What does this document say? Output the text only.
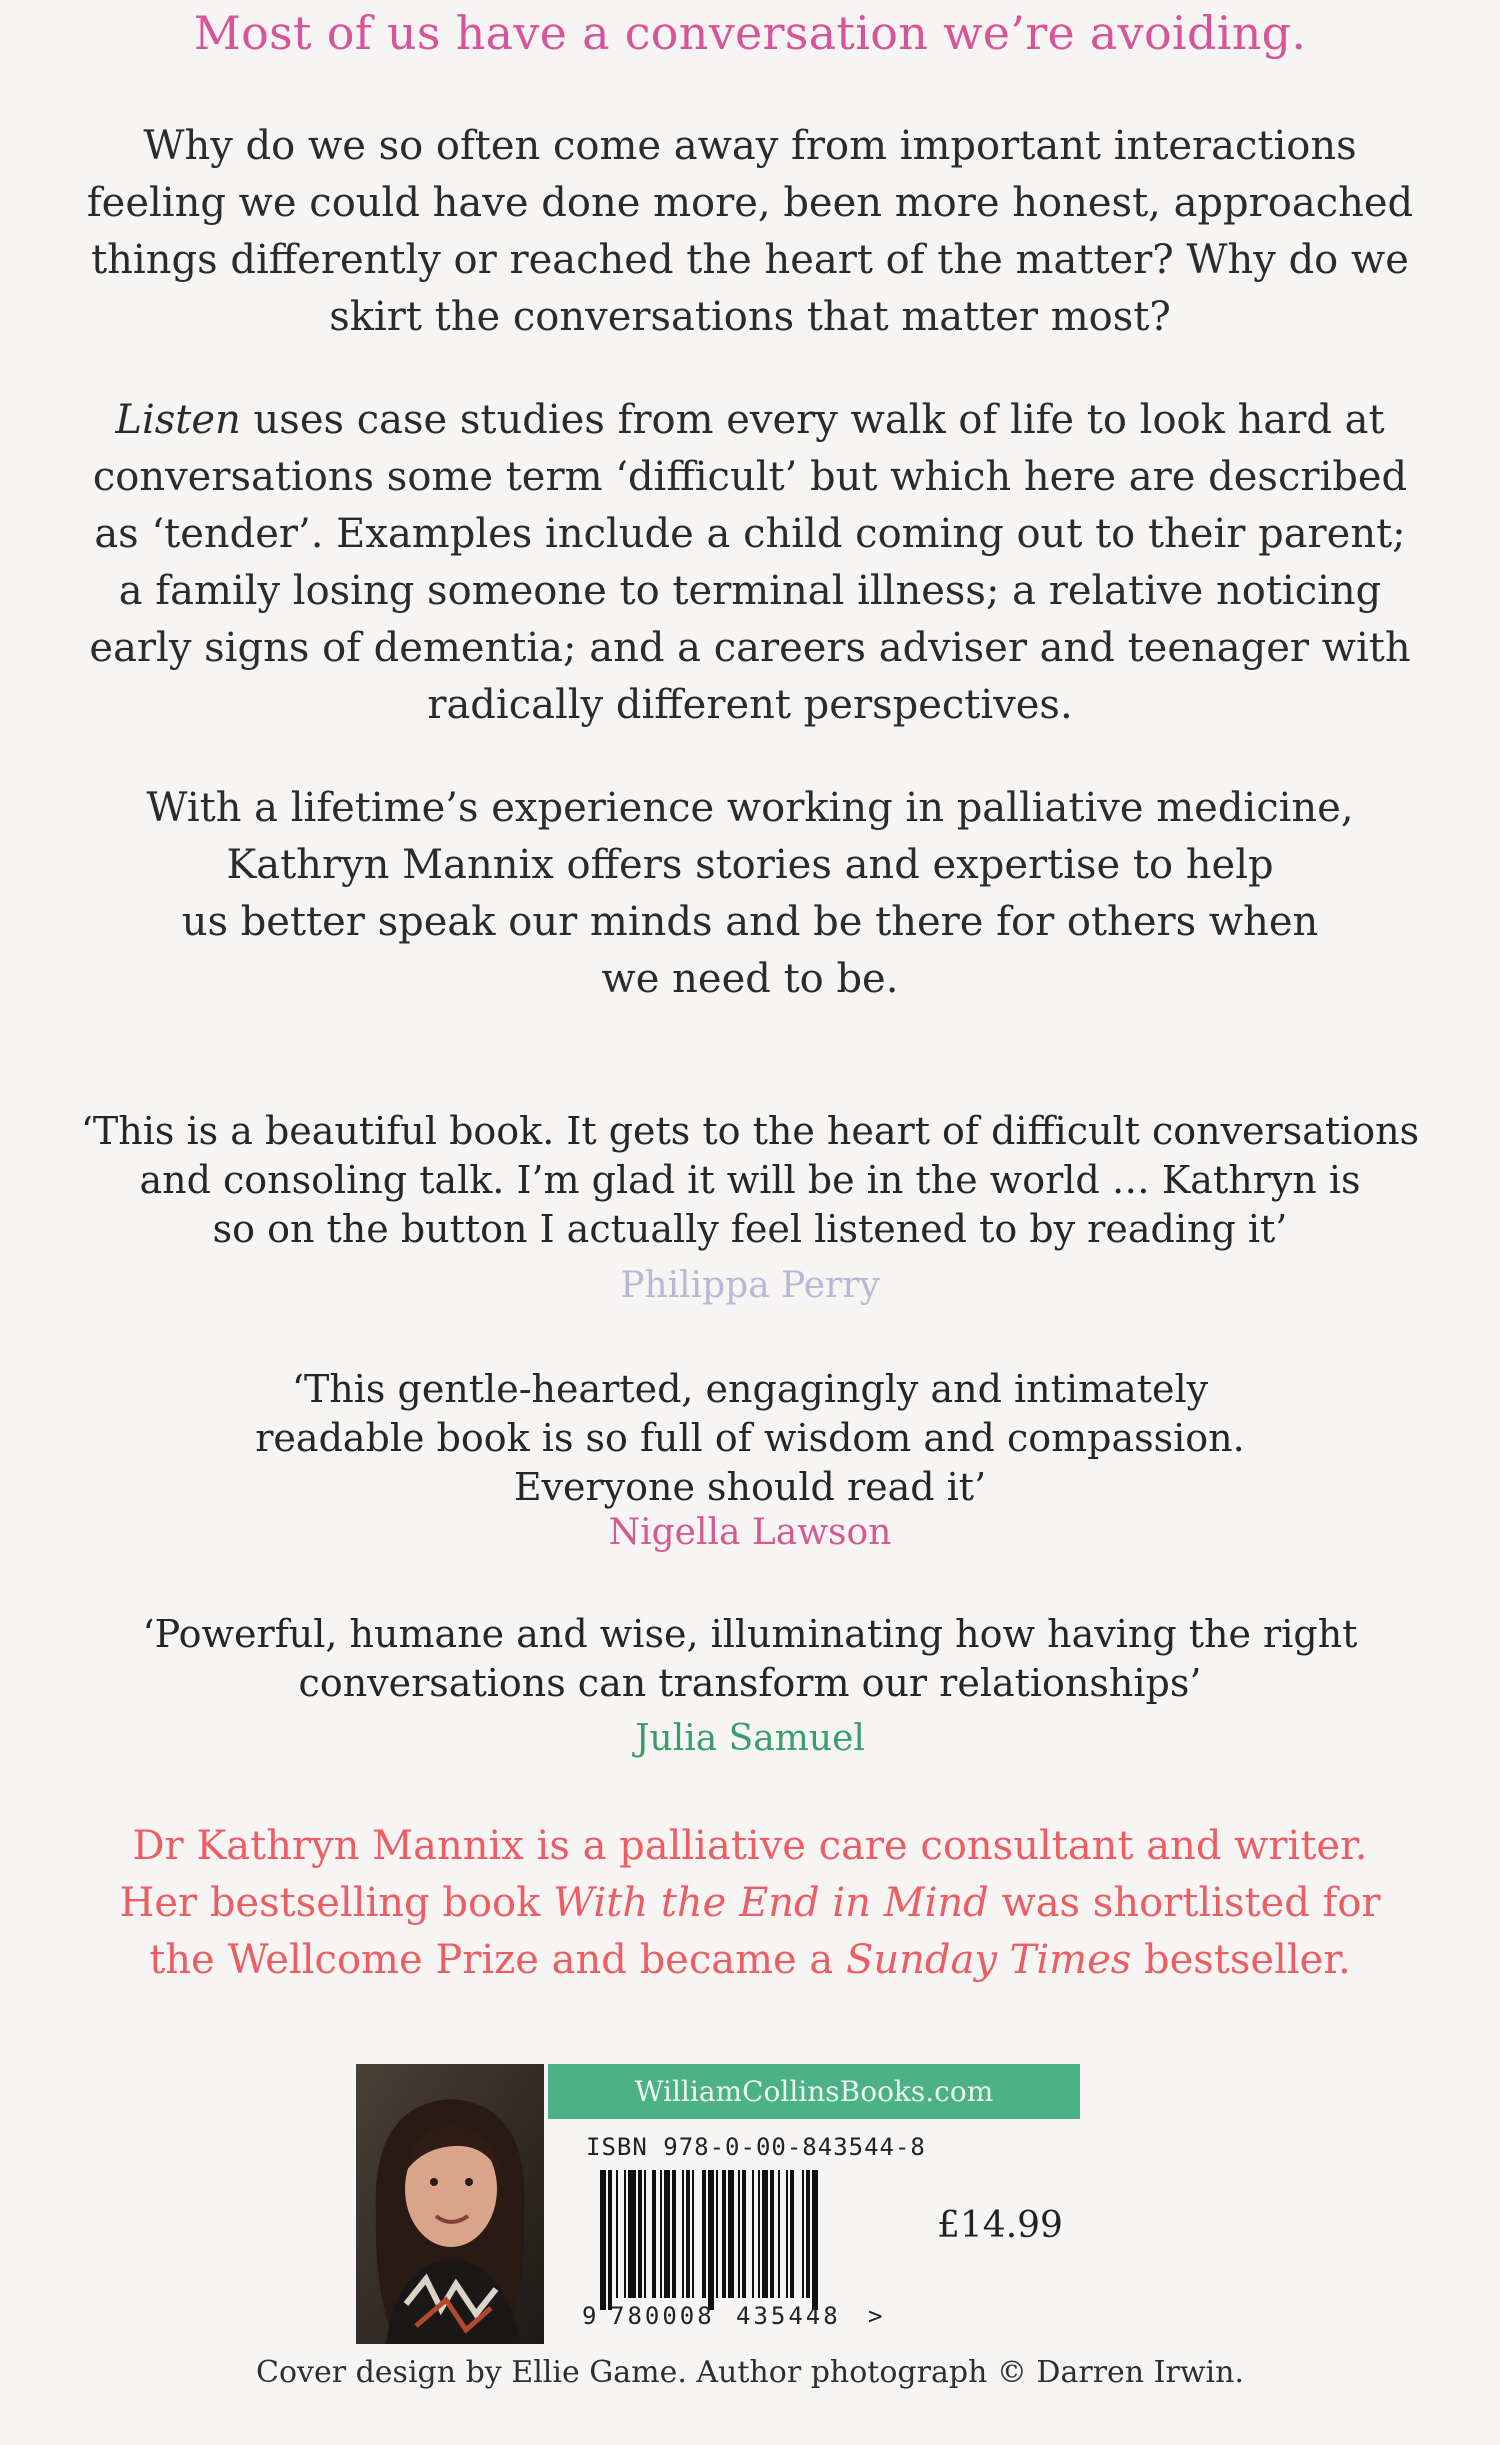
Most of us have a conversation we’re avoiding.
Why do we so often come away from important interactions
feeling we could have done more, been more honest, approached
things differently or reached the heart of the matter? Why do we
skirt the conversations that matter most?
Listen uses case studies from every walk of life to look hard at
conversations some term ‘difficult’ but which here are described
as ‘tender’. Examples include a child coming out to their parent;
a family losing someone to terminal illness; a relative noticing
early signs of dementia; and a careers adviser and teenager with
radically different perspectives.
With a lifetime’s experience working in palliative medicine,
Kathryn Mannix offers stories and expertise to help
us better speak our minds and be there for others when
we need to be.
‘This is a beautiful book. It gets to the heart of difficult conversations
and consoling talk. I’m glad it will be in the world … Kathryn is
so on the button I actually feel listened to by reading it’
Philippa Perry
‘This gentle-hearted, engagingly and intimately
readable book is so full of wisdom and compassion.
Everyone should read it’
Nigella Lawson
‘Powerful, humane and wise, illuminating how having the right
conversations can transform our relationships’
Julia Samuel
Dr Kathryn Mannix is a palliative care consultant and writer.
Her bestselling book With the End in Mind was shortlisted for
the Wellcome Prize and became a Sunday Times bestseller.
WilliamCollinsBooks.com
ISBN 978-0-00-843544-8
9 780008 435448 >
£14.99
Cover design by Ellie Game. Author photograph © Darren Irwin.
